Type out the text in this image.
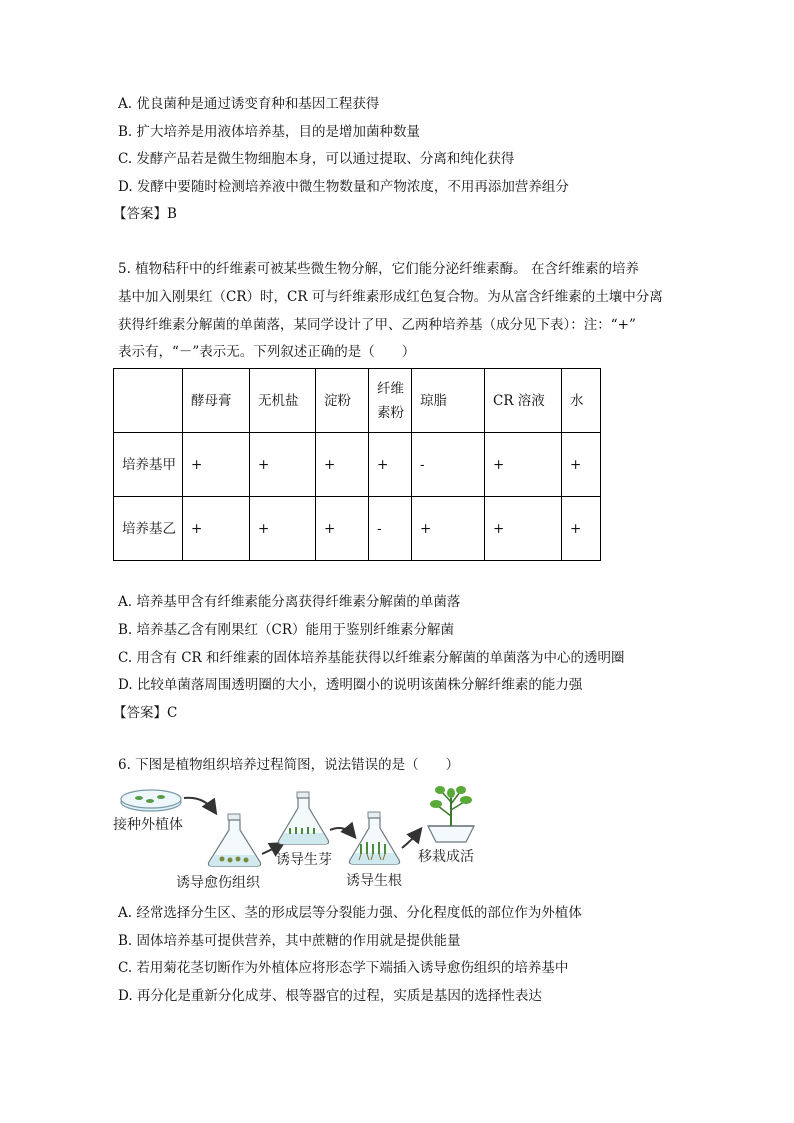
A. 优良菌种是通过诱变育种和基因工程获得
B. 扩大培养是用液体培养基，目的是增加菌种数量
C. 发酵产品若是微生物细胞本身，可以通过提取、分离和纯化获得
D. 发酵中要随时检测培养液中微生物数量和产物浓度，不用再添加营养组分
【答案】B
5. 植物秸秆中的纤维素可被某些微生物分解，它们能分泌纤维素酶。 在含纤维素的培养
基中加入刚果红（CR）时，CR 可与纤维素形成红色复合物。为从富含纤维素的土壤中分离
获得纤维素分解菌的单菌落，某同学设计了甲、乙两种培养基（成分见下表）：注：“+”
表示有，“－”表示无。下列叙述正确的是（　　）
	酵母膏	无机盐	淀粉	纤维素粉	琼脂	CR 溶液	水
培养基甲	+	+	+	+	-	+	+
培养基乙	+	+	+	-	+	+	+
A. 培养基甲含有纤维素能分离获得纤维素分解菌的单菌落
B. 培养基乙含有刚果红（CR）能用于鉴别纤维素分解菌
C. 用含有 CR 和纤维素的固体培养基能获得以纤维素分解菌的单菌落为中心的透明圈
D. 比较单菌落周围透明圈的大小，透明圈小的说明该菌株分解纤维素的能力强
【答案】C
6. 下图是植物组织培养过程简图，说法错误的是（　　）
接种外植体
诱导愈伤组织
诱导生芽
诱导生根
移栽成活
A. 经常选择分生区、茎的形成层等分裂能力强、分化程度低的部位作为外植体
B. 固体培养基可提供营养，其中蔗糖的作用就是提供能量
C. 若用菊花茎切断作为外植体应将形态学下端插入诱导愈伤组织的培养基中
D. 再分化是重新分化成芽、根等器官的过程，实质是基因的选择性表达
